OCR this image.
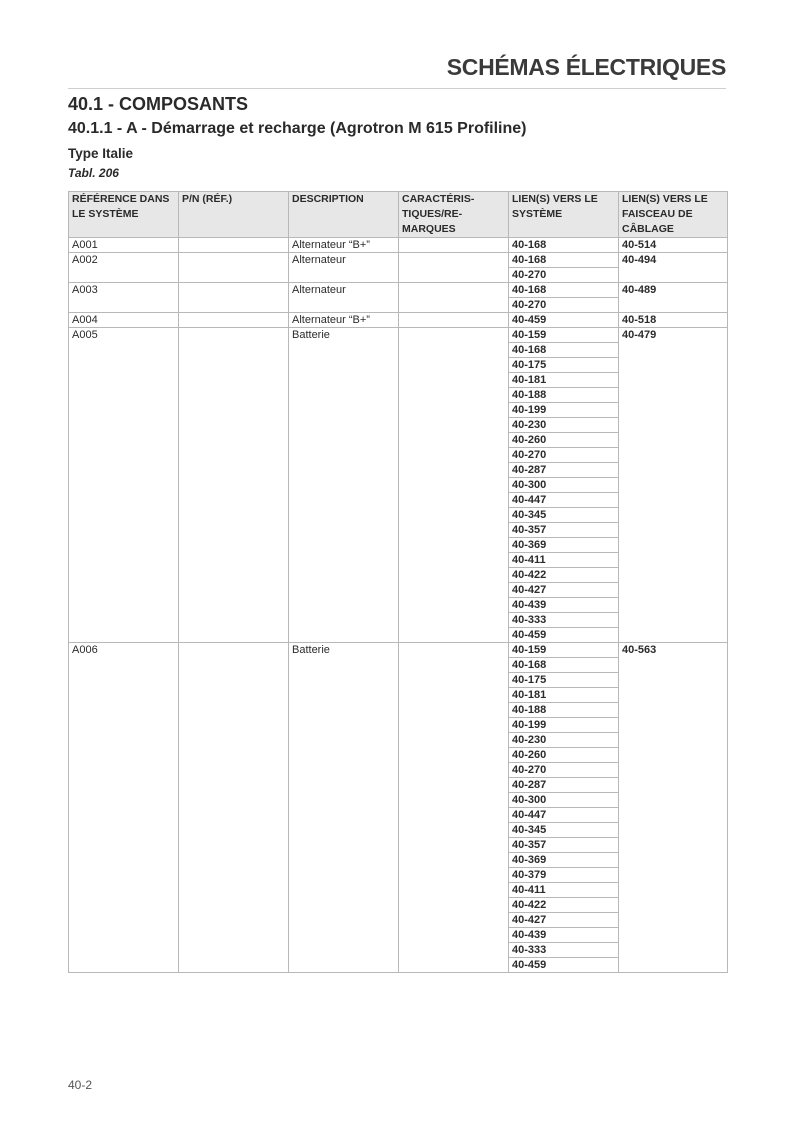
SCHÉMAS ÉLECTRIQUES
40.1 - COMPOSANTS
40.1.1 - A - Démarrage et recharge (Agrotron M 615 Profiline)
Type Italie
Tabl. 206
RÉFÉRENCE DANS LE SYSTÈME	P/N (RÉF.)	DESCRIPTION	CARACTÉRIS-TIQUES/RE-MARQUES	LIEN(S) VERS LE SYSTÈME	LIEN(S) VERS LE FAISCEAU DE CÂBLAGE
A001		Alternateur “B+”		40-168	40-514
A002		Alternateur		40-168	40-494
				40-270	
A003		Alternateur		40-168	40-489
				40-270	
A004		Alternateur “B+”		40-459	40-518
A005		Batterie		40-159	40-479
				40-168	
				40-175	
				40-181	
				40-188	
				40-199	
				40-230	
				40-260	
				40-270	
				40-287	
				40-300	
				40-447	
				40-345	
				40-357	
				40-369	
				40-411	
				40-422	
				40-427	
				40-439	
				40-333	
				40-459	
A006		Batterie		40-159	40-563
				40-168	
				40-175	
				40-181	
				40-188	
				40-199	
				40-230	
				40-260	
				40-270	
				40-287	
				40-300	
				40-447	
				40-345	
				40-357	
				40-369	
				40-379	
				40-411	
				40-422	
				40-427	
				40-439	
				40-333	
				40-459	
40-2
